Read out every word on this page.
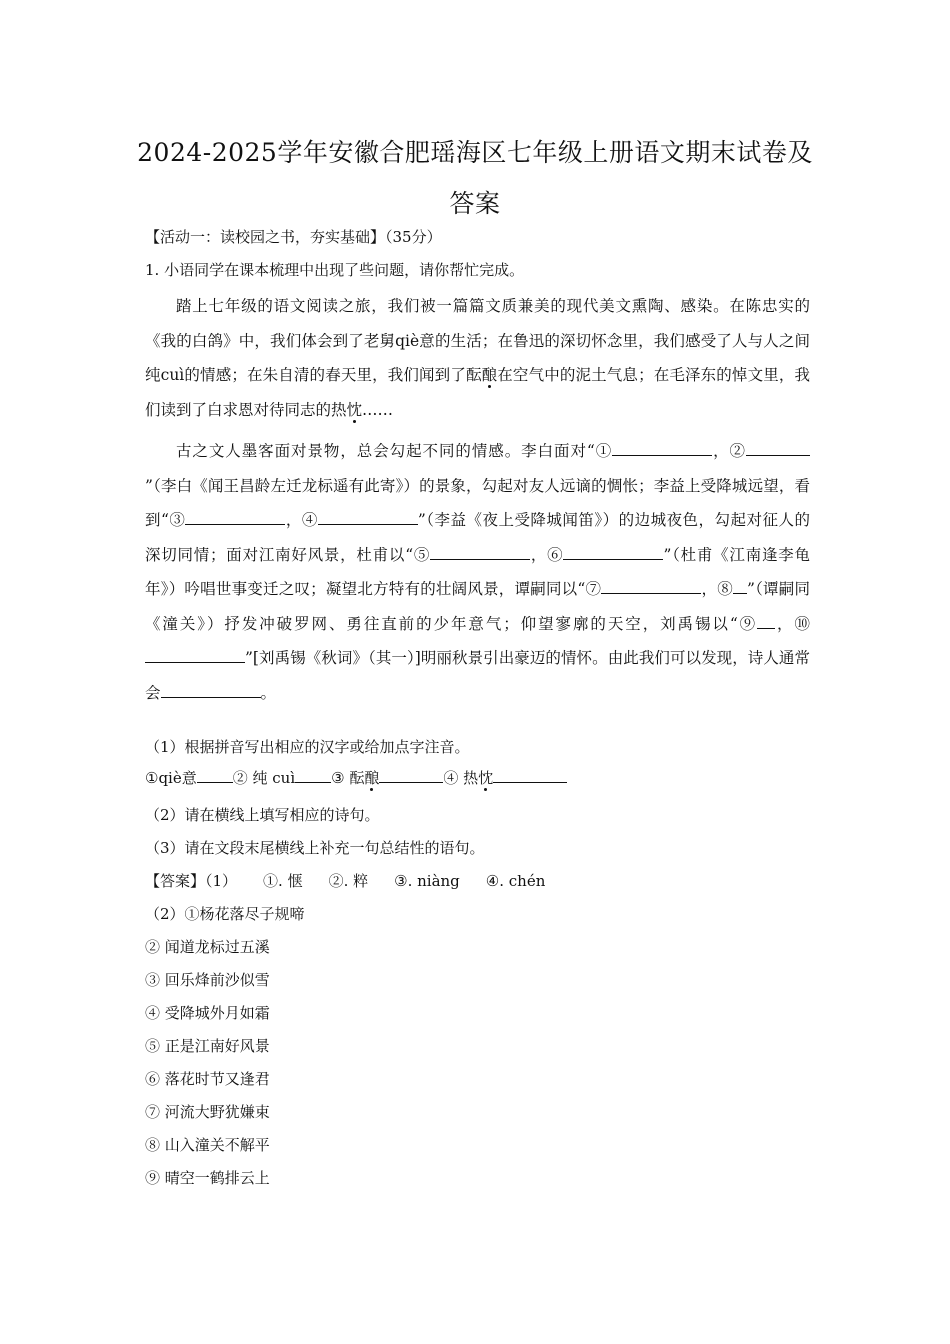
2024-2025学年安徽合肥瑶海区七年级上册语文期末试卷及
答案
【活动一：读校园之书，夯实基础】（35分）
1. 小语同学在课本梳理中出现了些问题，请你帮忙完成。

踏上七年级的语文阅读之旅，我们被一篇篇文质兼美的现代美文熏陶、感染。在陈忠实的《我的白鸽》中，我们体会到了老舅qiè意的生活；在鲁迅的深切怀念里，我们感受了人与人之间纯cuì的情感；在朱自清的春天里，我们闻到了酝酿在空气中的泥土气息；在毛泽东的悼文里，我们读到了白求恩对待同志的热忱……

古之文人墨客面对景物，总会勾起不同的情感。李白面对“①	，②”（李白《闻王昌龄左迁龙标遥有此寄》）的景象，勾起对友人远谪的惆怅；李益上受降城远望，看到“③	，④	”（李益《夜上受降城闻笛》）的边城夜色，勾起对征人的深切同情；面对江南好风景，杜甫以“⑤	，⑥	”（杜甫《江南逢李龟年》）吟唱世事变迁之叹；凝望北方特有的壮阔风景，谭嗣同以“⑦	，⑧ ”（谭嗣同《潼关》）抒发冲破罗网、勇往直前的少年意气；仰望寥廓的天空，刘禹锡以“⑨ ，⑩”[刘禹锡《秋词》（其一）]明丽秋景引出豪迈的情怀。由此我们可以发现，诗人通常会	。

（1）根据拼音写出相应的汉字或给加点字注音。
①qiè意 ② 纯 cuì ③ 酝酿	④ 热忱
（2）请在横线上填写相应的诗句。
（3）请在文段末尾横线上补充一句总结性的语句。
【答案】（1） ①. 惬 ②. 粹 ③. niàng ④. chén
（2）①杨花落尽子规啼
② 闻道龙标过五溪
③ 回乐烽前沙似雪
④ 受降城外月如霜
⑤ 正是江南好风景
⑥ 落花时节又逢君
⑦ 河流大野犹嫌束
⑧ 山入潼关不解平
⑨ 晴空一鹤排云上
